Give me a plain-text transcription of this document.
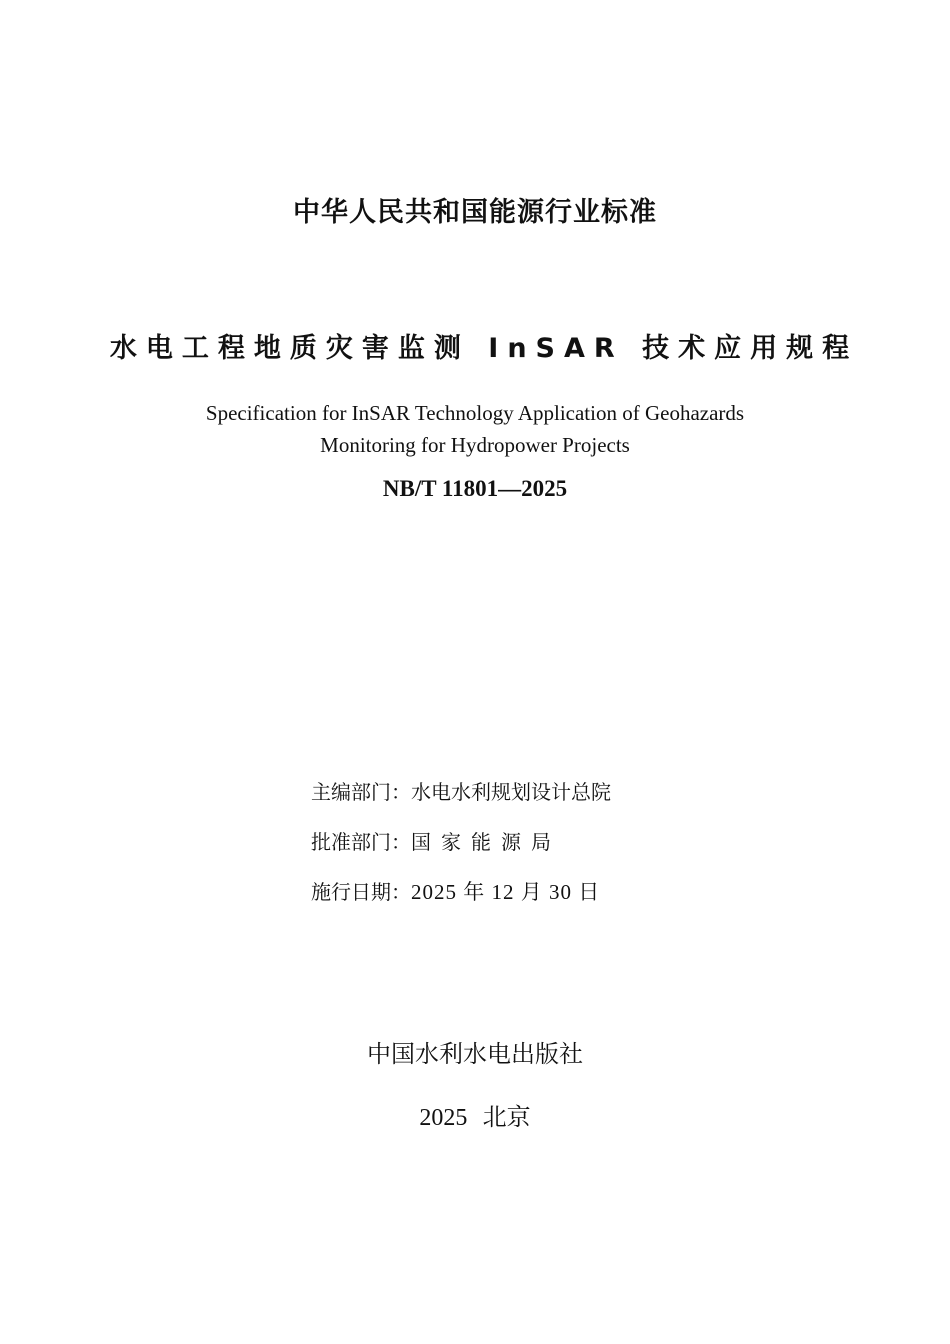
中华人民共和国能源行业标准
水电工程地质灾害监测 InSAR 技术应用规程
Specification for InSAR Technology Application of Geohazards
Monitoring for Hydropower Projects
NB/T 11801—2025
主编部门：水电水利规划设计总院
批准部门：国家能源局
施行日期：2025 年 12 月 30 日
中国水利水电出版社
2025 北京
